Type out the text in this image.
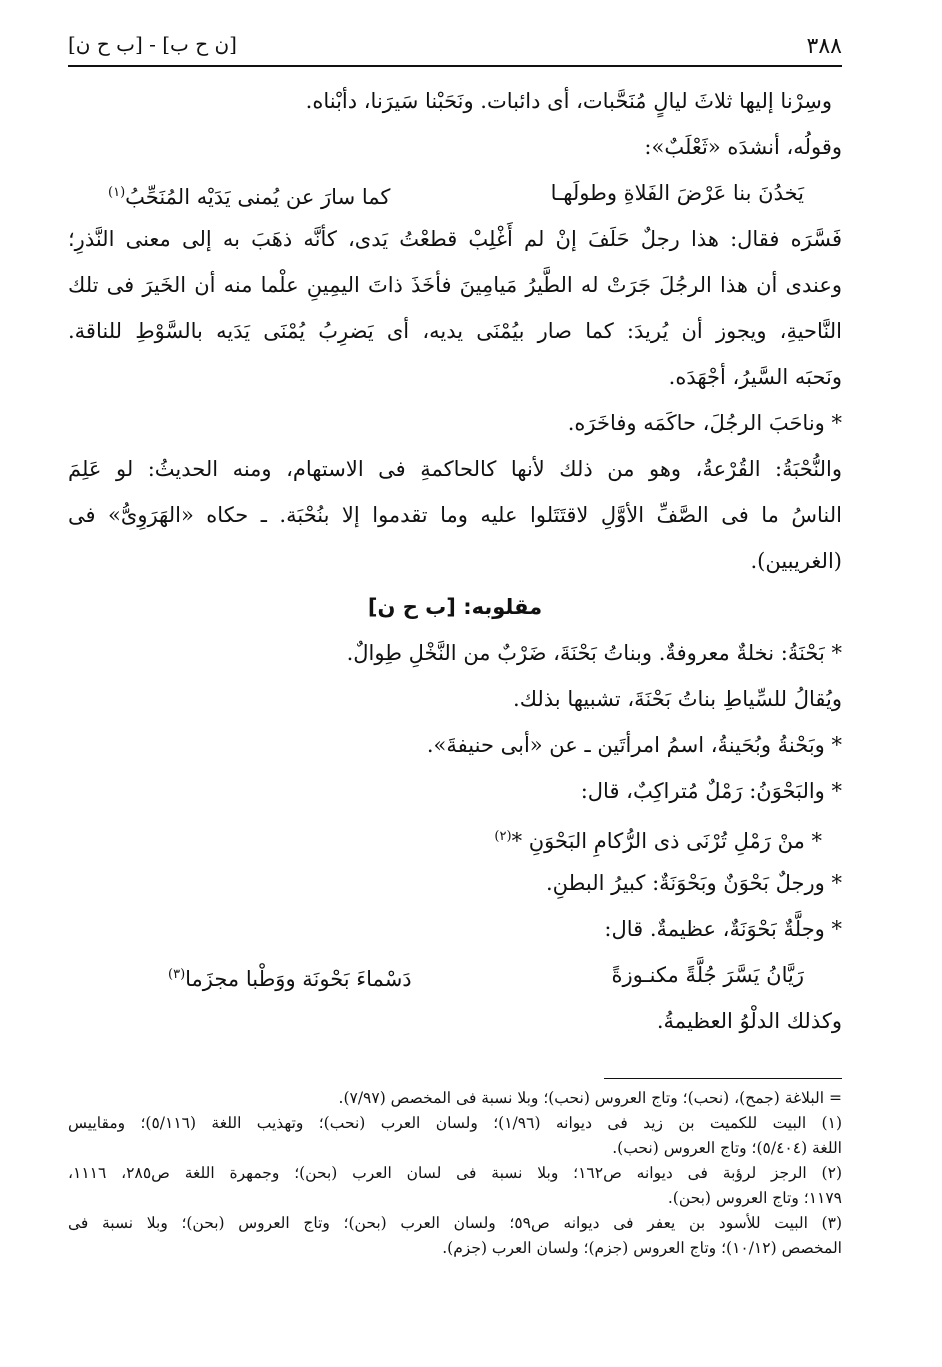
٣٨٨
[ن ح ب] - [ب ح ن]
وسِرْنا إليها ثلاثَ ليالٍ مُنَحَّبات، أى دائبات. ونَحَبْنا سَيرَنا، دأبْناه.
وقولُه، أنشدَه «ثَعْلَبٌ»:
يَخدُنَ بنا عَرْضَ الفَلاةِ وطولَهـا
كما سارَ عن يُمنى يَدَيْه المُنَحِّبُ$^{(١)}$
فَسَّرَه فقال: هذا رجلٌ حَلَفَ إنْ لم أَغْلِبْ قطعْتُ يَدى، كأنَّه ذهَبَ به إلى معنى النَّذرِ؛
وعندى أن هذا الرجُلَ جَرَتْ له الطَّيرُ مَيامِينَ فأخَذَ ذاتَ اليمِينِ علْما منه أن الخَيرَ فى تلك
النَّاحيةِ، ويجوز أن يُريدَ: كما صار بيُمْنَى يديه، أى يَضرِبُ يُمْنَى يَدَيه بالسَّوْطِ للناقة.
ونَحبَه السَّيرُ، أجْهَدَه.
* وناحَبَ الرجُلَ، حاكَمَه وفاخَرَه.
والنُّحْبَةُ: القُرْعةُ، وهو من ذلك لأنها كالحاكمةِ فى الاستهام، ومنه الحديثُ: لو عَلِمَ
الناسُ ما فى الصَّفِّ الأوَّلِ لاقتَتَلوا عليه وما تقدموا إلا بنُحْبَة. ـ حكاه «الهَرَوِىُّ» فى
(الغريبين).
مقلوبه: [ب ح ن]
* بَحْنَةُ: نخلةٌ معروفةٌ. وبناتُ بَحْنَةَ، ضَرْبٌ من النَّخْلِ طِوالٌ.
ويُقالُ للسِّياطِ بناتُ بَحْنَةَ، تشبيها بذلك.
* وبَحْنةُ وبُحَينةُ، اسمُ امرأتَين ـ عن «أبى حنيفةَ».
* والبَحْوَنُ: رَمْلٌ مُتراكِبٌ، قال:
* منْ رَمْلِ تُرْنَى ذى الرُّكامِ البَحْوَنِ *$^{(٢)}$
* ورجلٌ بَحْوَنٌ وبَحْوَنَةٌ: كبيرُ البطنِ.
* وجلَّةٌ بَحْوَنَةٌ، عظيمةٌ. قال:
رَيَّانُ يَسَّرَ جُلَّةً مكنـوزةً
دَسْماءَ بَحْونَة ووَطْبا مجزَما$^{(٣)}$
وكذلك الدلْوُ العظيمةُ.
= البلاغة (جمح)، (نحب)؛ وتاج العروس (نحب)؛ وبلا نسبة فى المخصص (٧/٩٧).
(١) البيت للكميت بن زيد فى ديوانه (١/٩٦)؛ ولسان العرب (نحب)؛ وتهذيب اللغة (٥/١١٦)؛ ومقاييس
اللغة (٥/٤٠٤)؛ وتاج العروس (نحب).
(٢) الرجز لرؤبة فى ديوانه ص١٦٢؛ وبلا نسبة فى لسان العرب (بحن)؛ وجمهرة اللغة ص٢٨٥، ١١١٦،
١١٧٩؛ وتاج العروس (بحن).
(٣) البيت للأسود بن يعفر فى ديوانه ص٥٩؛ ولسان العرب (بحن)؛ وتاج العروس (بحن)؛ وبلا نسبة فى
المخصص (١٠/١٢)؛ وتاج العروس (جزم)؛ ولسان العرب (جزم).
